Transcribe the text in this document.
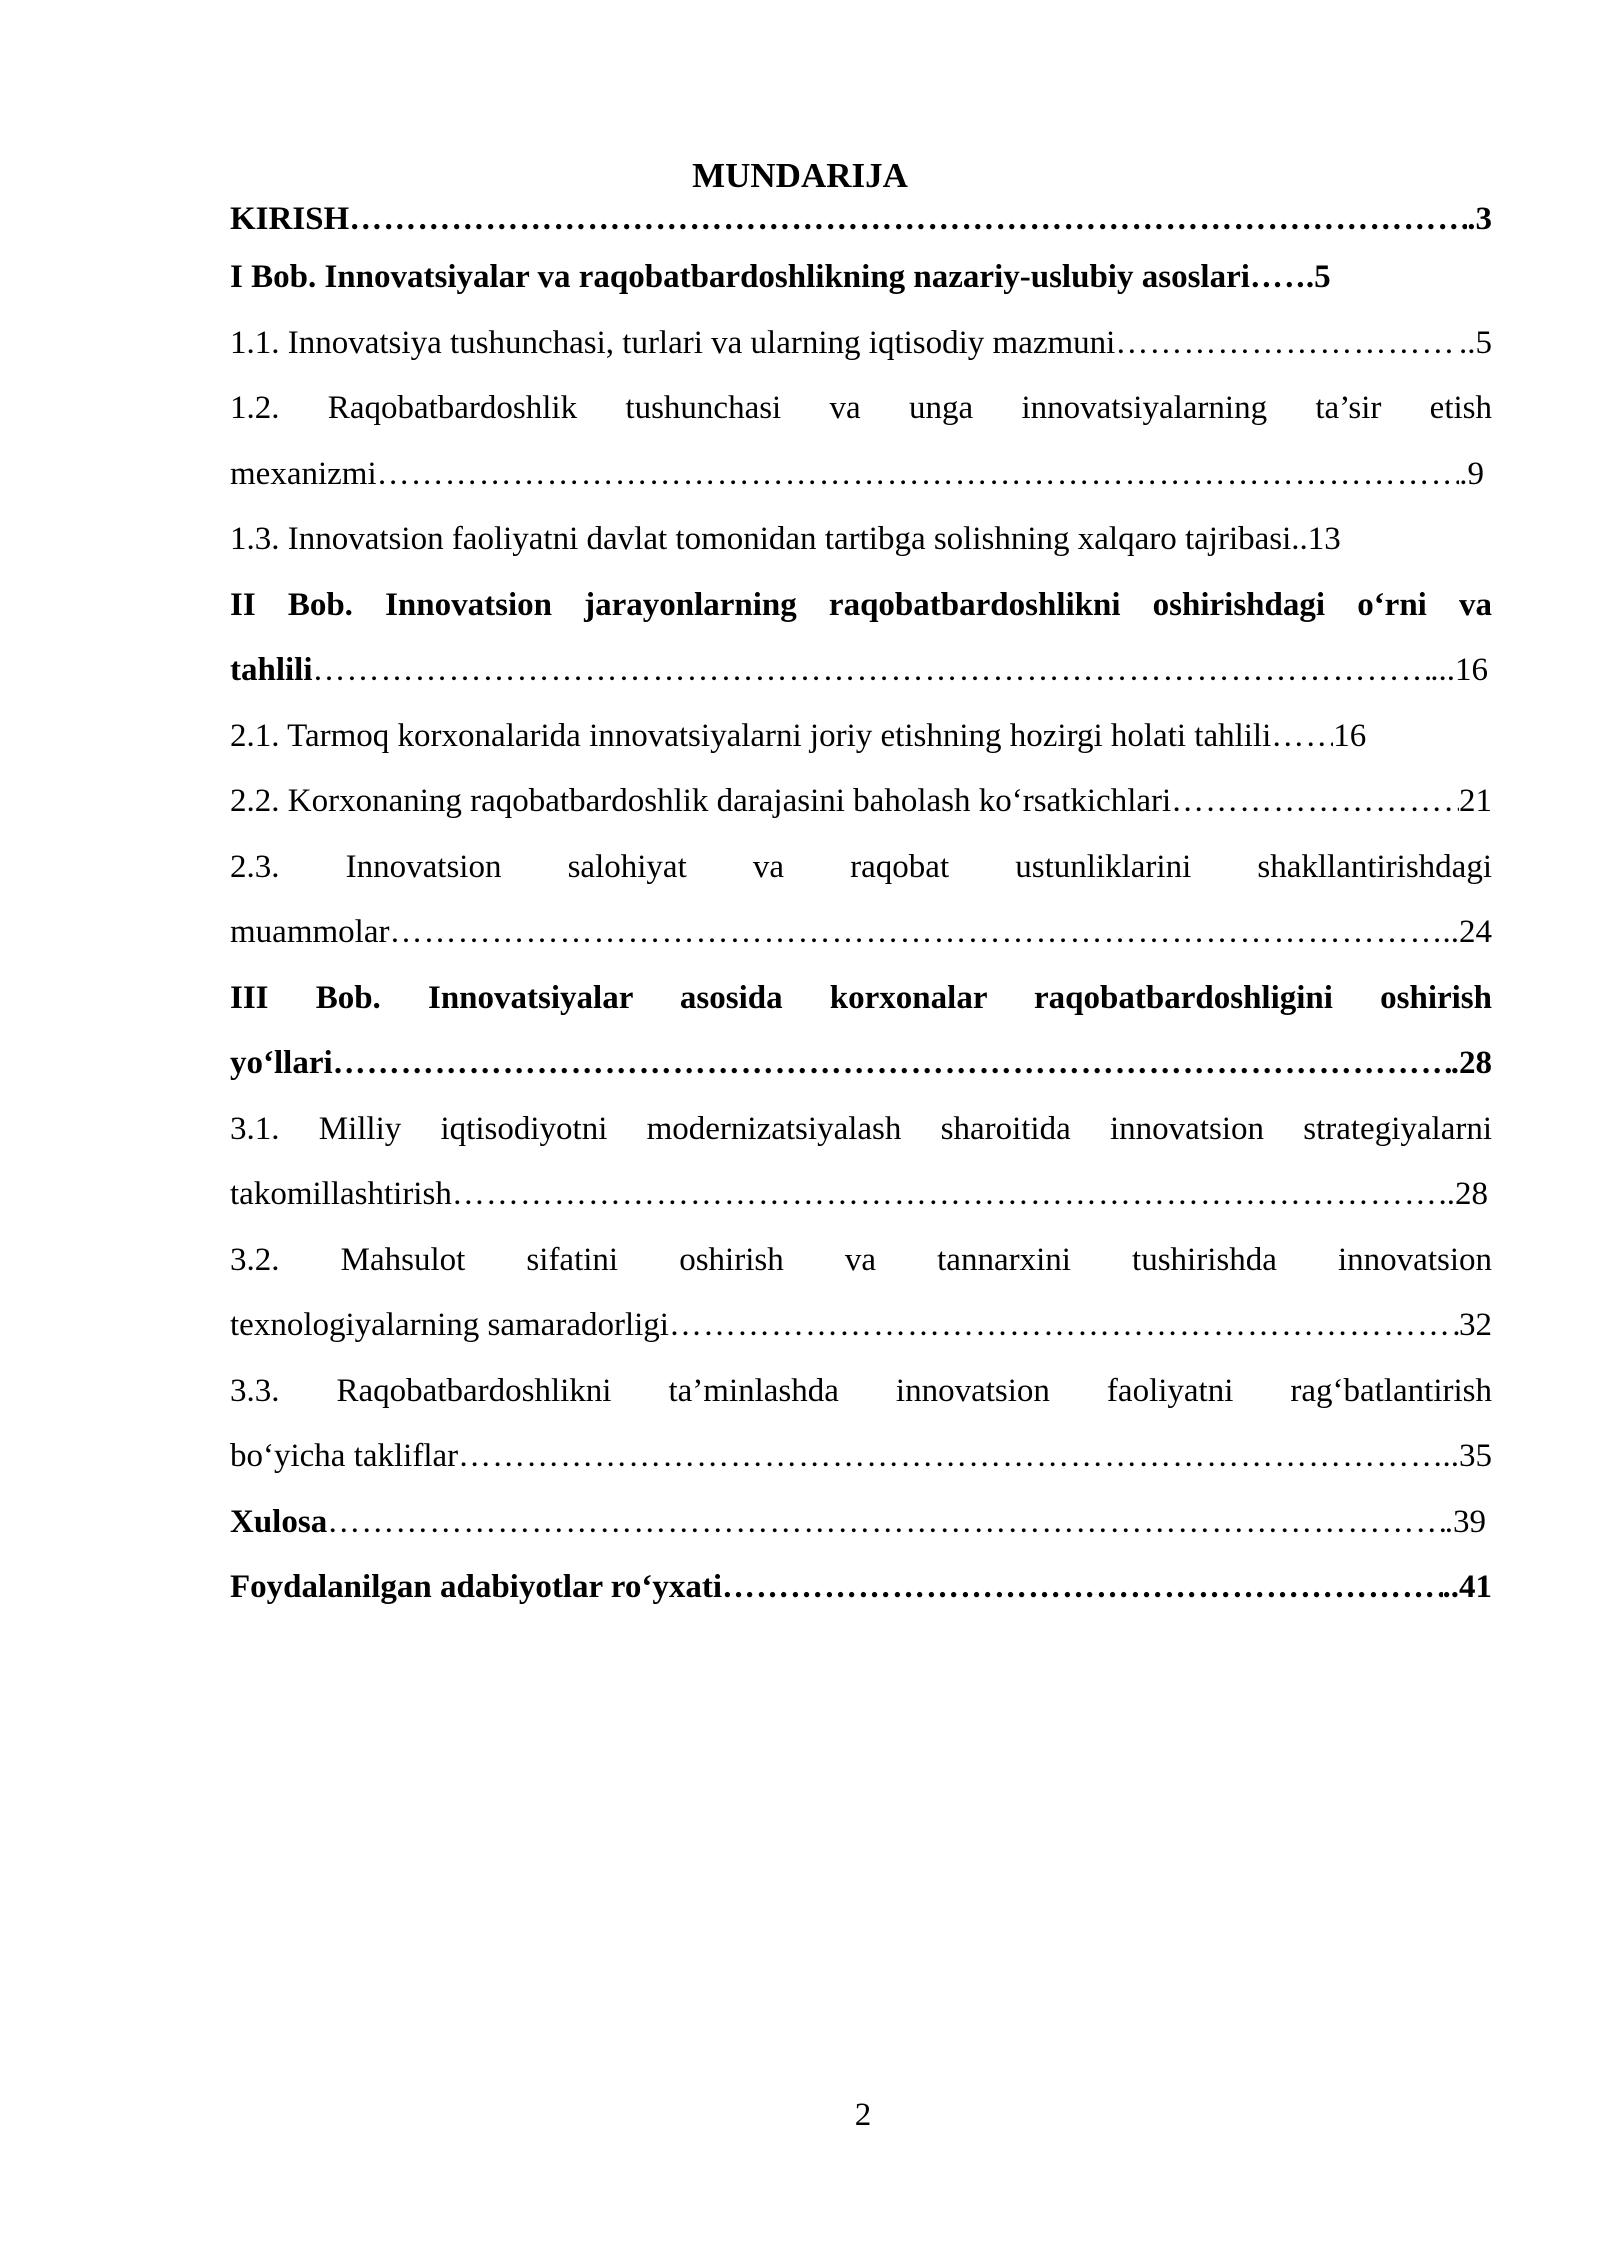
MUNDARIJA
KIRISH ……………………………………………………………………………………………………………………………………………………………………………………………………	. 3
I Bob. Innovatsiyalar va raqobatbardoshlikning nazariy-uslubiy asoslari …………………………………………………………………………………………………………………………………………………………………………………………………… . 5
1.1. Innovatsiya tushunchasi, turlari va ularning iqtisodiy mazmuni ……………………………………………………………………………………………………………………………………………………………………………………………………	.. 5
1.2. Raqobatbardoshlik tushunchasi va unga innovatsiyalarning ta’sir etish
mexanizmi ……………………………………………………………………………………………………………………………………………………………………………………………………	. 9
1.3. Innovatsion faoliyatni davlat tomonidan tartibga solishning xalqaro tajribasi .. 13
II Bob. Innovatsion jarayonlarning raqobatbardoshlikni oshirishdagi o‘rni va
tahlili ……………………………………………………………………………………………………………………………………………………………………………………………………	... 16
2.1. Tarmoq korxonalarida innovatsiyalarni joriy etishning hozirgi holati tahlili …………………………………………………………………………………………………………………………………………………………………………………………………… 16
2.2. Korxonaning raqobatbardoshlik darajasini baholash ko‘rsatkichlari ……………………………………………………………………………………………………………………………………………………………………………………………………	21
2.3. Innovatsion salohiyat va raqobat ustunliklarini shakllantirishdagi
muammolar ……………………………………………………………………………………………………………………………………………………………………………………………………	.. 24
III Bob. Innovatsiyalar asosida korxonalar raqobatbardoshligini oshirish
yo‘llari ……………………………………………………………………………………………………………………………………………………………………………………………………	. 28
3.1. Milliy iqtisodiyotni modernizatsiyalash sharoitida innovatsion strategiyalarni
takomillashtirish ……………………………………………………………………………………………………………………………………………………………………………………………………	.. 28
3.2. Mahsulot sifatini oshirish va tannarxini tushirishda innovatsion
texnologiyalarning samaradorligi ……………………………………………………………………………………………………………………………………………………………………………………………………	32
3.3. Raqobatbardoshlikni ta’minlashda innovatsion faoliyatni rag‘batlantirish
bo‘yicha takliflar ……………………………………………………………………………………………………………………………………………………………………………………………………	.. 35
Xulosa ……………………………………………………………………………………………………………………………………………………………………………………………………	. 39
Foydalanilgan adabiyotlar ro‘yxati ……………………………………………………………………………………………………………………………………………………………………………………………………	.. 41
2
